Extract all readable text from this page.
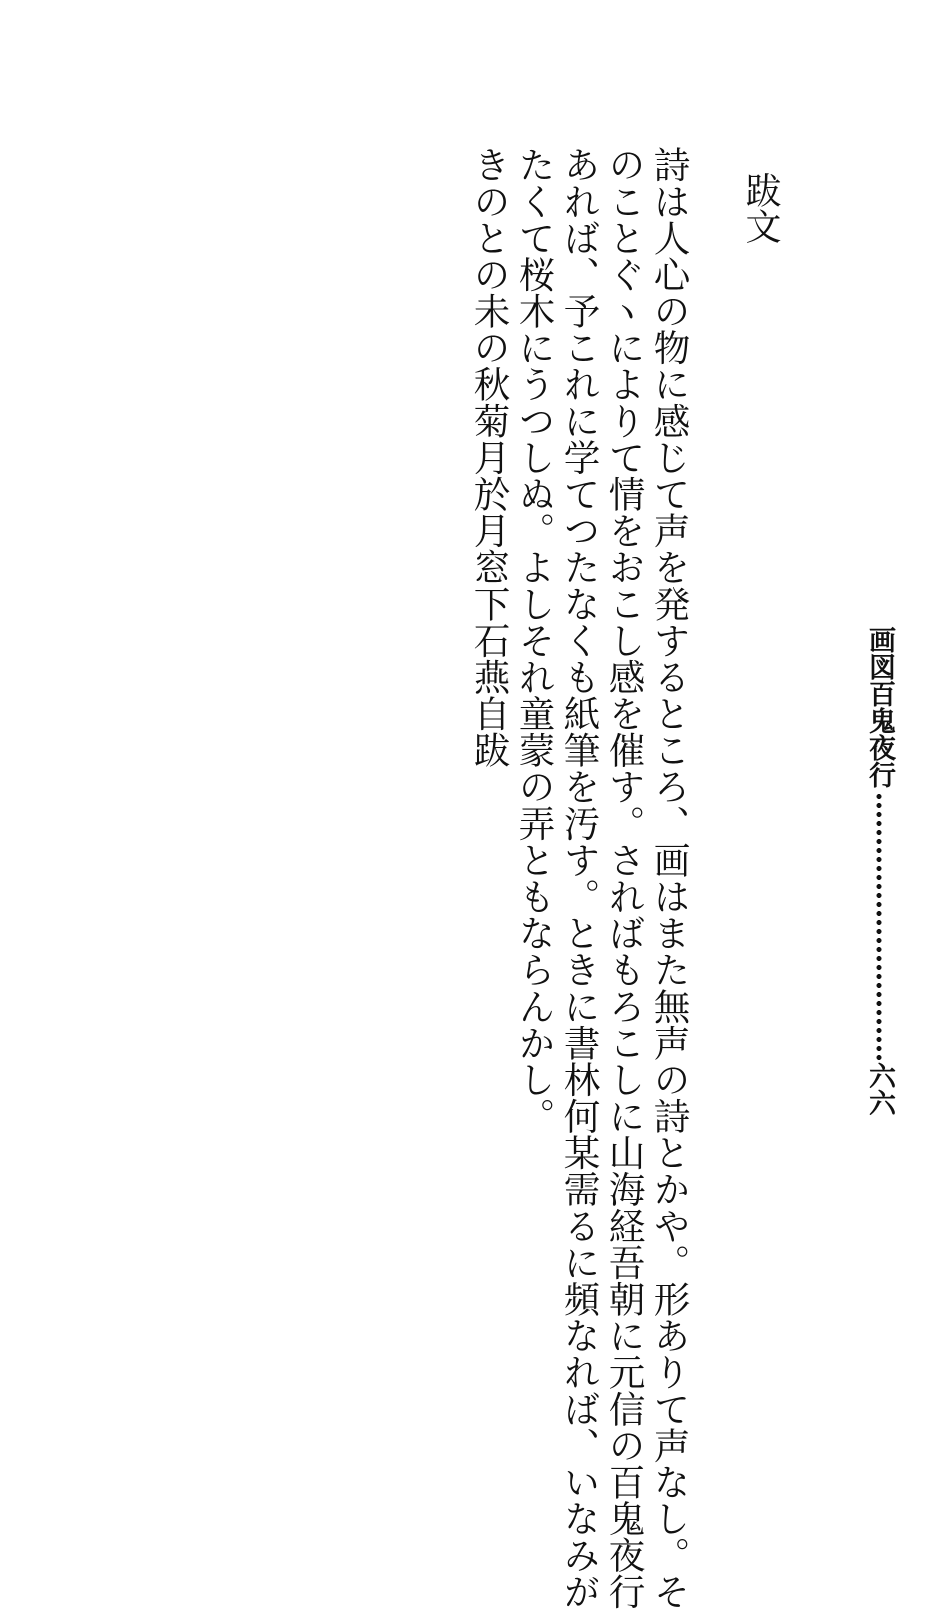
跋文
詩は人心の物に感じて声を発するところ、画はまた無声の詩とかや。形ありて声なし。そ
のことぐヽによりて情をおこし感を催す。さればもろこしに山海経吾朝に元信の百鬼夜行
あれば、予これに学てつたなくも紙筆を汚す。ときに書林何某需るに頻なれば、いなみが
たくて桜木にうつしぬ。よしそれ童蒙の弄ともならんかし。
きのとの未の秋菊月於月窓下石燕自跋	画図百鬼夜行
六六
